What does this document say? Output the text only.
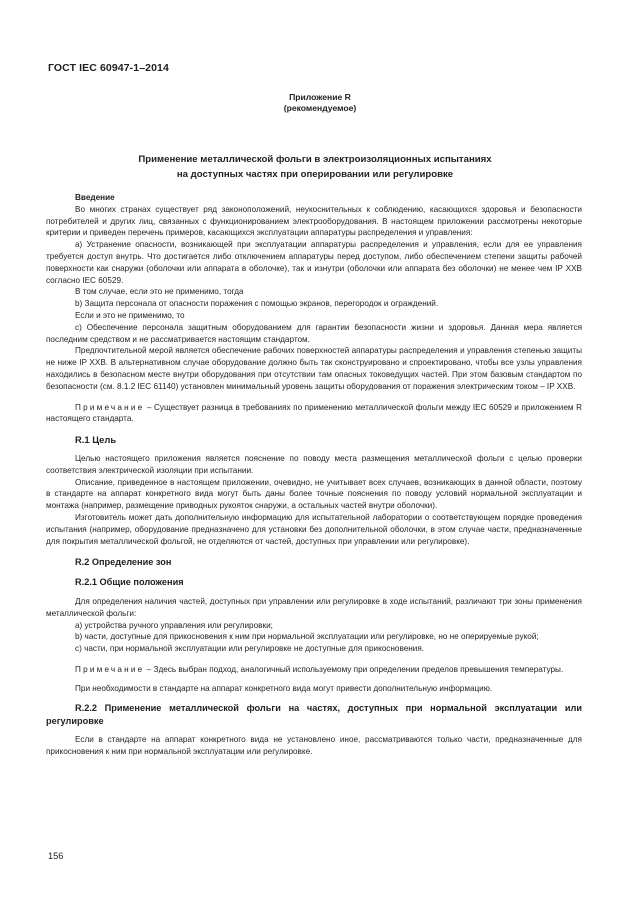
ГОСТ IEC 60947-1–2014
Приложение R
(рекомендуемое)
Применение металлической фольги в электроизоляционных испытаниях
на доступных частях при оперировании или регулировке

Введение

Во многих странах существует ряд законоположений, неукоснительных к соблюдению, касающихся здоровья и безопасности потребителей и других лиц, связанных с функционированием электрооборудования. В настоящем приложении рассмотрены некоторые критерии и приведен перечень примеров, касающихся эксплуатации аппаратуры распределения и управления:

a) Устранение опасности, возникающей при эксплуатации аппаратуры распределения и управления, если для ее управления требуется доступ внутрь. Что достигается либо отключением аппаратуры перед доступом, либо обеспечением степени защиты рабочей поверхности как снаружи (оболочки или аппарата в оболочке), так и изнутри (оболочки или аппарата без оболочки) не менее чем IP XXB согласно IEC 60529.

В том случае, если это не применимо, тогда

b) Защита персонала от опасности поражения с помощью экранов, перегородок и ограждений.

Если и это не применимо, то

c) Обеспечение персонала защитным оборудованием для гарантии безопасности жизни и здоровья. Данная мера является последним средством и не рассматривается настоящим стандартом.

Предпочтительной мерой является обеспечение рабочих поверхностей аппаратуры распределения и управления степенью защиты не ниже IP XXB. В альтернативном случае оборудование должно быть так сконструировано и спроектировано, чтобы все узлы управления находились в безопасном месте внутри оборудования при отсутствии там опасных токоведущих частей. При этом базовым стандартом по безопасности (см. 8.1.2 IEC 61140) установлен минимальный уровень защиты оборудования от поражения электрическим током – IP XXB.

Примечание – Существует разница в требованиях по применению металлической фольги между IEC 60529 и приложением R настоящего стандарта.

R.1 Цель

Целью настоящего приложения является пояснение по поводу места размещения металлической фольги с целью проверки соответствия электрической изоляции при испытании.

Описание, приведенное в настоящем приложении, очевидно, не учитывает всех случаев, возникающих в данной области, поэтому в стандарте на аппарат конкретного вида могут быть даны более точные пояснения по поводу условий нормальной эксплуатации и монтажа (например, размещение приводных рукояток снаружи, а остальных частей внутри оболочки).

Изготовитель может дать дополнительную информацию для испытательной лаборатории о соответствующем порядке проведения испытания (например, оборудование предназначено для установки без дополнительной оболочки, в этом случае части, предназначенные для покрытия металлической фольгой, не отделяются от частей, доступных при управлении или регулировке).

R.2 Определение зон

R.2.1 Общие положения

Для определения наличия частей, доступных при управлении или регулировке в ходе испытаний, различают три зоны применения металлической фольги:

a) устройства ручного управления или регулировки;

b) части, доступные для прикосновения к ним при нормальной эксплуатации или регулировке, но не оперируемые рукой;

c) части, при нормальной эксплуатации или регулировке не доступные для прикосновения.

Примечание – Здесь выбран подход, аналогичный используемому при определении пределов превышения температуры.

При необходимости в стандарте на аппарат конкретного вида могут привести дополнительную информацию.

R.2.2 Применение металлической фольги на частях, доступных при нормальной эксплуатации или регулировке

Если в стандарте на аппарат конкретного вида не установлено иное, рассматриваются только части, предназначенные для прикосновения к ним при нормальной эксплуатации или регулировке.

156
